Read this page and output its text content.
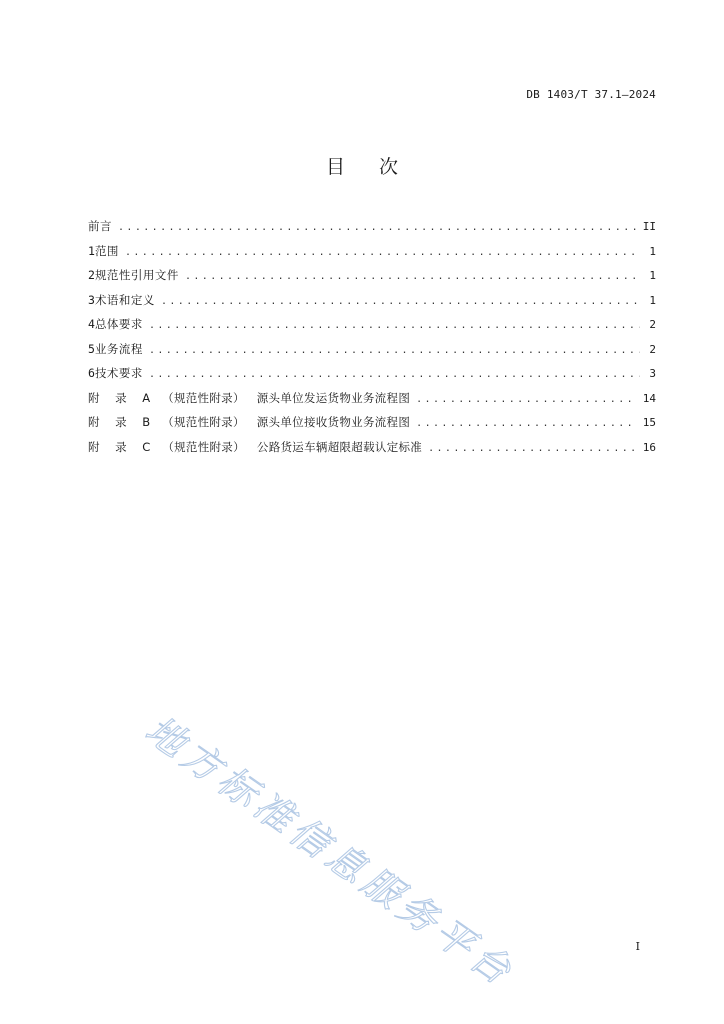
DB 1403/T 37.1—2024
目次
前言 .....	II
1 范围 .....	1
2 规范性引用文件 .....	1
3 术语和定义 .....	1
4 总体要求 .....	2
5 业务流程 .....	2
6 技术要求 .....	3
附 录 A （规范性附录） 源头单位发运货物业务流程图 .....	14
附 录 B （规范性附录） 源头单位接收货物业务流程图 .....	15
附 录 C （规范性附录） 公路货运车辆超限超载认定标准 .....	16
地方标准信息服务平台	I
